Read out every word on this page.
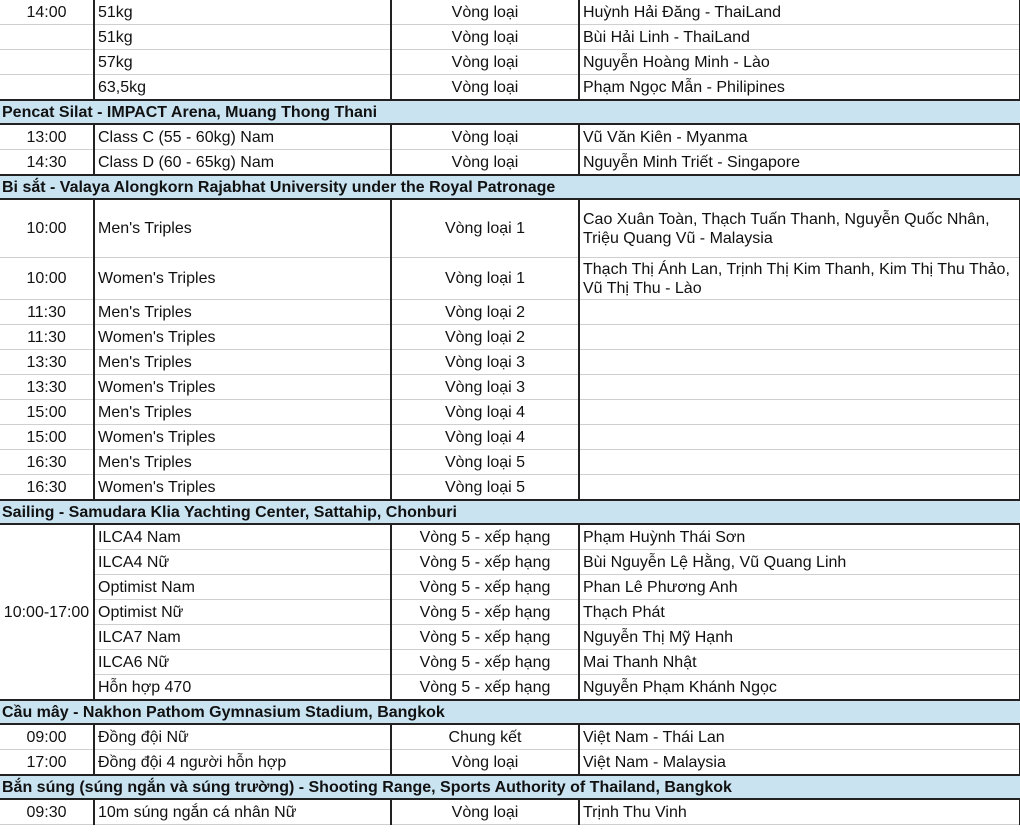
14:00	51kg	Vòng loại	Huỳnh Hải Đăng - ThaiLand
	51kg	Vòng loại	Bùi Hải Linh - ThaiLand
	57kg	Vòng loại	Nguyễn Hoàng Minh - Lào
	63,5kg	Vòng loại	Phạm Ngọc Mẫn - Philipines
Pencat Silat - IMPACT Arena, Muang Thong Thani			
13:00	Class C (55 - 60kg) Nam	Vòng loại	Vũ Văn Kiên - Myanma
14:30	Class D (60 - 65kg) Nam	Vòng loại	Nguyễn Minh Triết - Singapore
Bi sắt - Valaya Alongkorn Rajabhat University under the Royal Patronage			
10:00	Men's Triples	Vòng loại 1	Cao Xuân Toàn, Thạch Tuấn Thanh, Nguyễn Quốc Nhân, Triệu Quang Vũ - Malaysia
10:00	Women's Triples	Vòng loại 1	Thạch Thị Ánh Lan, Trịnh Thị Kim Thanh, Kim Thị Thu Thảo, Vũ Thị Thu - Lào
11:30	Men's Triples	Vòng loại 2	
11:30	Women's Triples	Vòng loại 2	
13:30	Men's Triples	Vòng loại 3	
13:30	Women's Triples	Vòng loại 3	
15:00	Men's Triples	Vòng loại 4	
15:00	Women's Triples	Vòng loại 4	
16:30	Men's Triples	Vòng loại 5	
16:30	Women's Triples	Vòng loại 5	
Sailing - Samudara Klia Yachting Center, Sattahip, Chonburi			
10:00-17:00	ILCA4 Nam	Vòng 5 - xếp hạng	Phạm Huỳnh Thái Sơn
	ILCA4 Nữ	Vòng 5 - xếp hạng	Bùi Nguyễn Lệ Hằng, Vũ Quang Linh
	Optimist Nam	Vòng 5 - xếp hạng	Phan Lê Phương Anh
	Optimist Nữ	Vòng 5 - xếp hạng	Thạch Phát
	ILCA7 Nam	Vòng 5 - xếp hạng	Nguyễn Thị Mỹ Hạnh
	ILCA6 Nữ	Vòng 5 - xếp hạng	Mai Thanh Nhật
	Hỗn hợp 470	Vòng 5 - xếp hạng	Nguyễn Phạm Khánh Ngọc
Cầu mây - Nakhon Pathom Gymnasium Stadium, Bangkok			
09:00	Đồng đội Nữ	Chung kết	Việt Nam - Thái Lan
17:00	Đồng đội 4 người hỗn hợp	Vòng loại	Việt Nam - Malaysia
Bắn súng (súng ngắn và súng trường) - Shooting Range, Sports Authority of Thailand, Bangkok			
09:30	10m súng ngắn cá nhân Nữ	Vòng loại	Trịnh Thu Vinh
